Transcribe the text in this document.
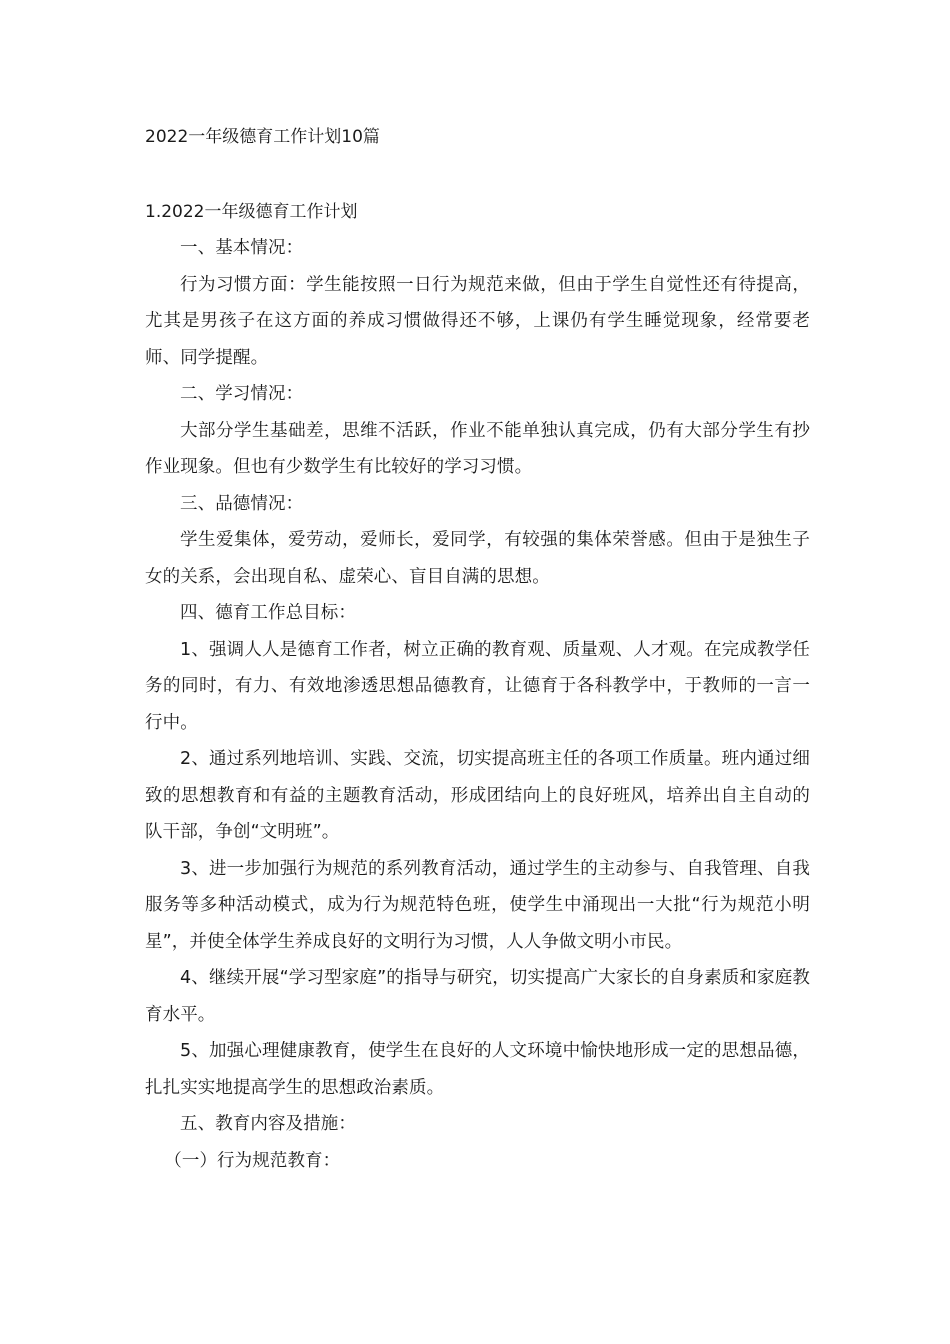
2022一年级德育工作计划10篇
1.2022一年级德育工作计划

一、基本情况：

行为习惯方面：学生能按照一日行为规范来做，但由于学生自觉性还有待提高，尤其是男孩子在这方面的养成习惯做得还不够，上课仍有学生睡觉现象，经常要老师、同学提醒。

二、学习情况：

大部分学生基础差，思维不活跃，作业不能单独认真完成，仍有大部分学生有抄作业现象。但也有少数学生有比较好的学习习惯。

三、品德情况：

学生爱集体，爱劳动，爱师长，爱同学，有较强的集体荣誉感。但由于是独生子女的关系，会出现自私、虚荣心、盲目自满的思想。

四、德育工作总目标：

1、强调人人是德育工作者，树立正确的教育观、质量观、人才观。在完成教学任务的同时，有力、有效地渗透思想品德教育，让德育于各科教学中，于教师的一言一行中。

2、通过系列地培训、实践、交流，切实提高班主任的各项工作质量。班内通过细致的思想教育和有益的主题教育活动，形成团结向上的良好班风，培养出自主自动的队干部，争创“文明班”。

3、进一步加强行为规范的系列教育活动，通过学生的主动参与、自我管理、自我服务等多种活动模式，成为行为规范特色班，使学生中涌现出一大批“行为规范小明星”，并使全体学生养成良好的文明行为习惯，人人争做文明小市民。

4、继续开展“学习型家庭”的指导与研究，切实提高广大家长的自身素质和家庭教育水平。

5、加强心理健康教育，使学生在良好的人文环境中愉快地形成一定的思想品德，扎扎实实地提高学生的思想政治素质。

五、教育内容及措施：

（一）行为规范教育：
